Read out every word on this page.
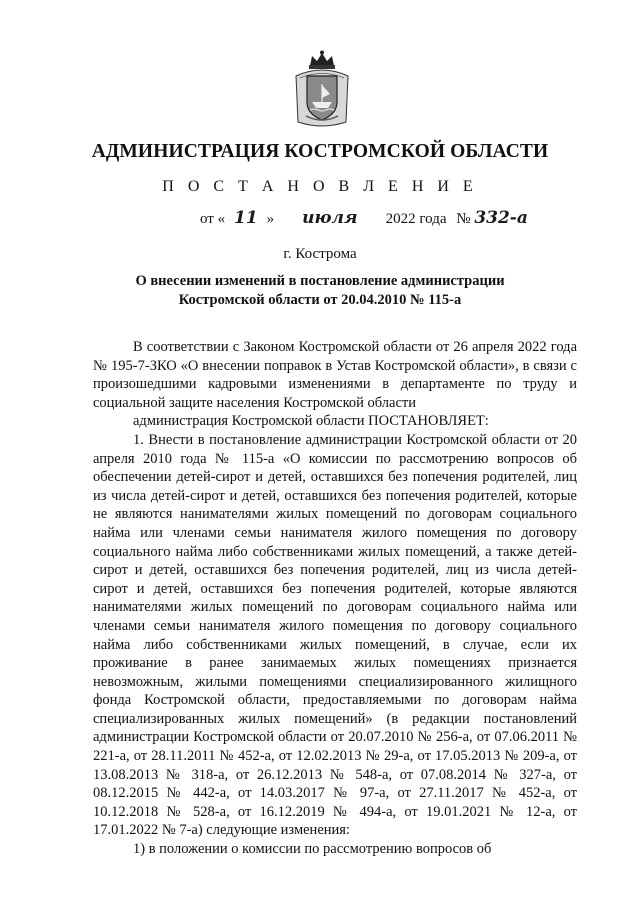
АДМИНИСТРАЦИЯ КОСТРОМСКОЙ ОБЛАСТИ
П О С Т А Н О В Л Е Н И Е
от « 11 » июля 2022 года № 332-а
г. Кострома
О внесении изменений в постановление администрации
Костромской области от 20.04.2010 № 115-а

В соответствии с Законом Костромской области от 26 апреля 2022 года № 195-7-ЗКО «О внесении поправок в Устав Костромской области», в связи с произошедшими кадровыми изменениями в департаменте по труду и социальной защите населения Костромской области

администрация Костромской области ПОСТАНОВЛЯЕТ:

1. Внести в постановление администрации Костромской области от 20 апреля 2010 года № 115-а «О комиссии по рассмотрению вопросов об обеспечении детей-сирот и детей, оставшихся без попечения родителей, лиц из числа детей-сирот и детей, оставшихся без попечения родителей, которые не являются нанимателями жилых помещений по договорам социального найма или членами семьи нанимателя жилого помещения по договору социального найма либо собственниками жилых помещений, а также детей-сирот и детей, оставшихся без попечения родителей, лиц из числа детей-сирот и детей, оставшихся без попечения родителей, которые являются нанимателями жилых помещений по договорам социального найма или членами семьи нанимателя жилого помещения по договору социального найма либо собственниками жилых помещений, в случае, если их проживание в ранее занимаемых жилых помещениях признается невозможным, жилыми помещениями специализированного жилищного фонда Костромской области, предоставляемыми по договорам найма специализированных жилых помещений» (в редакции постановлений администрации Костромской области от 20.07.2010 № 256-а, от 07.06.2011 № 221-а, от 28.11.2011 № 452-а, от 12.02.2013 № 29-а, от 17.05.2013 № 209-а, от 13.08.2013 № 318-а, от 26.12.2013 № 548-а, от 07.08.2014 № 327-а, от 08.12.2015 № 442-а, от 14.03.2017 № 97-а, от 27.11.2017 № 452-а, от 10.12.2018 № 528-а, от 16.12.2019 № 494-а, от 19.01.2021 № 12-а, от 17.01.2022 № 7-а) следующие изменения:

1) в положении о комиссии по рассмотрению вопросов об
